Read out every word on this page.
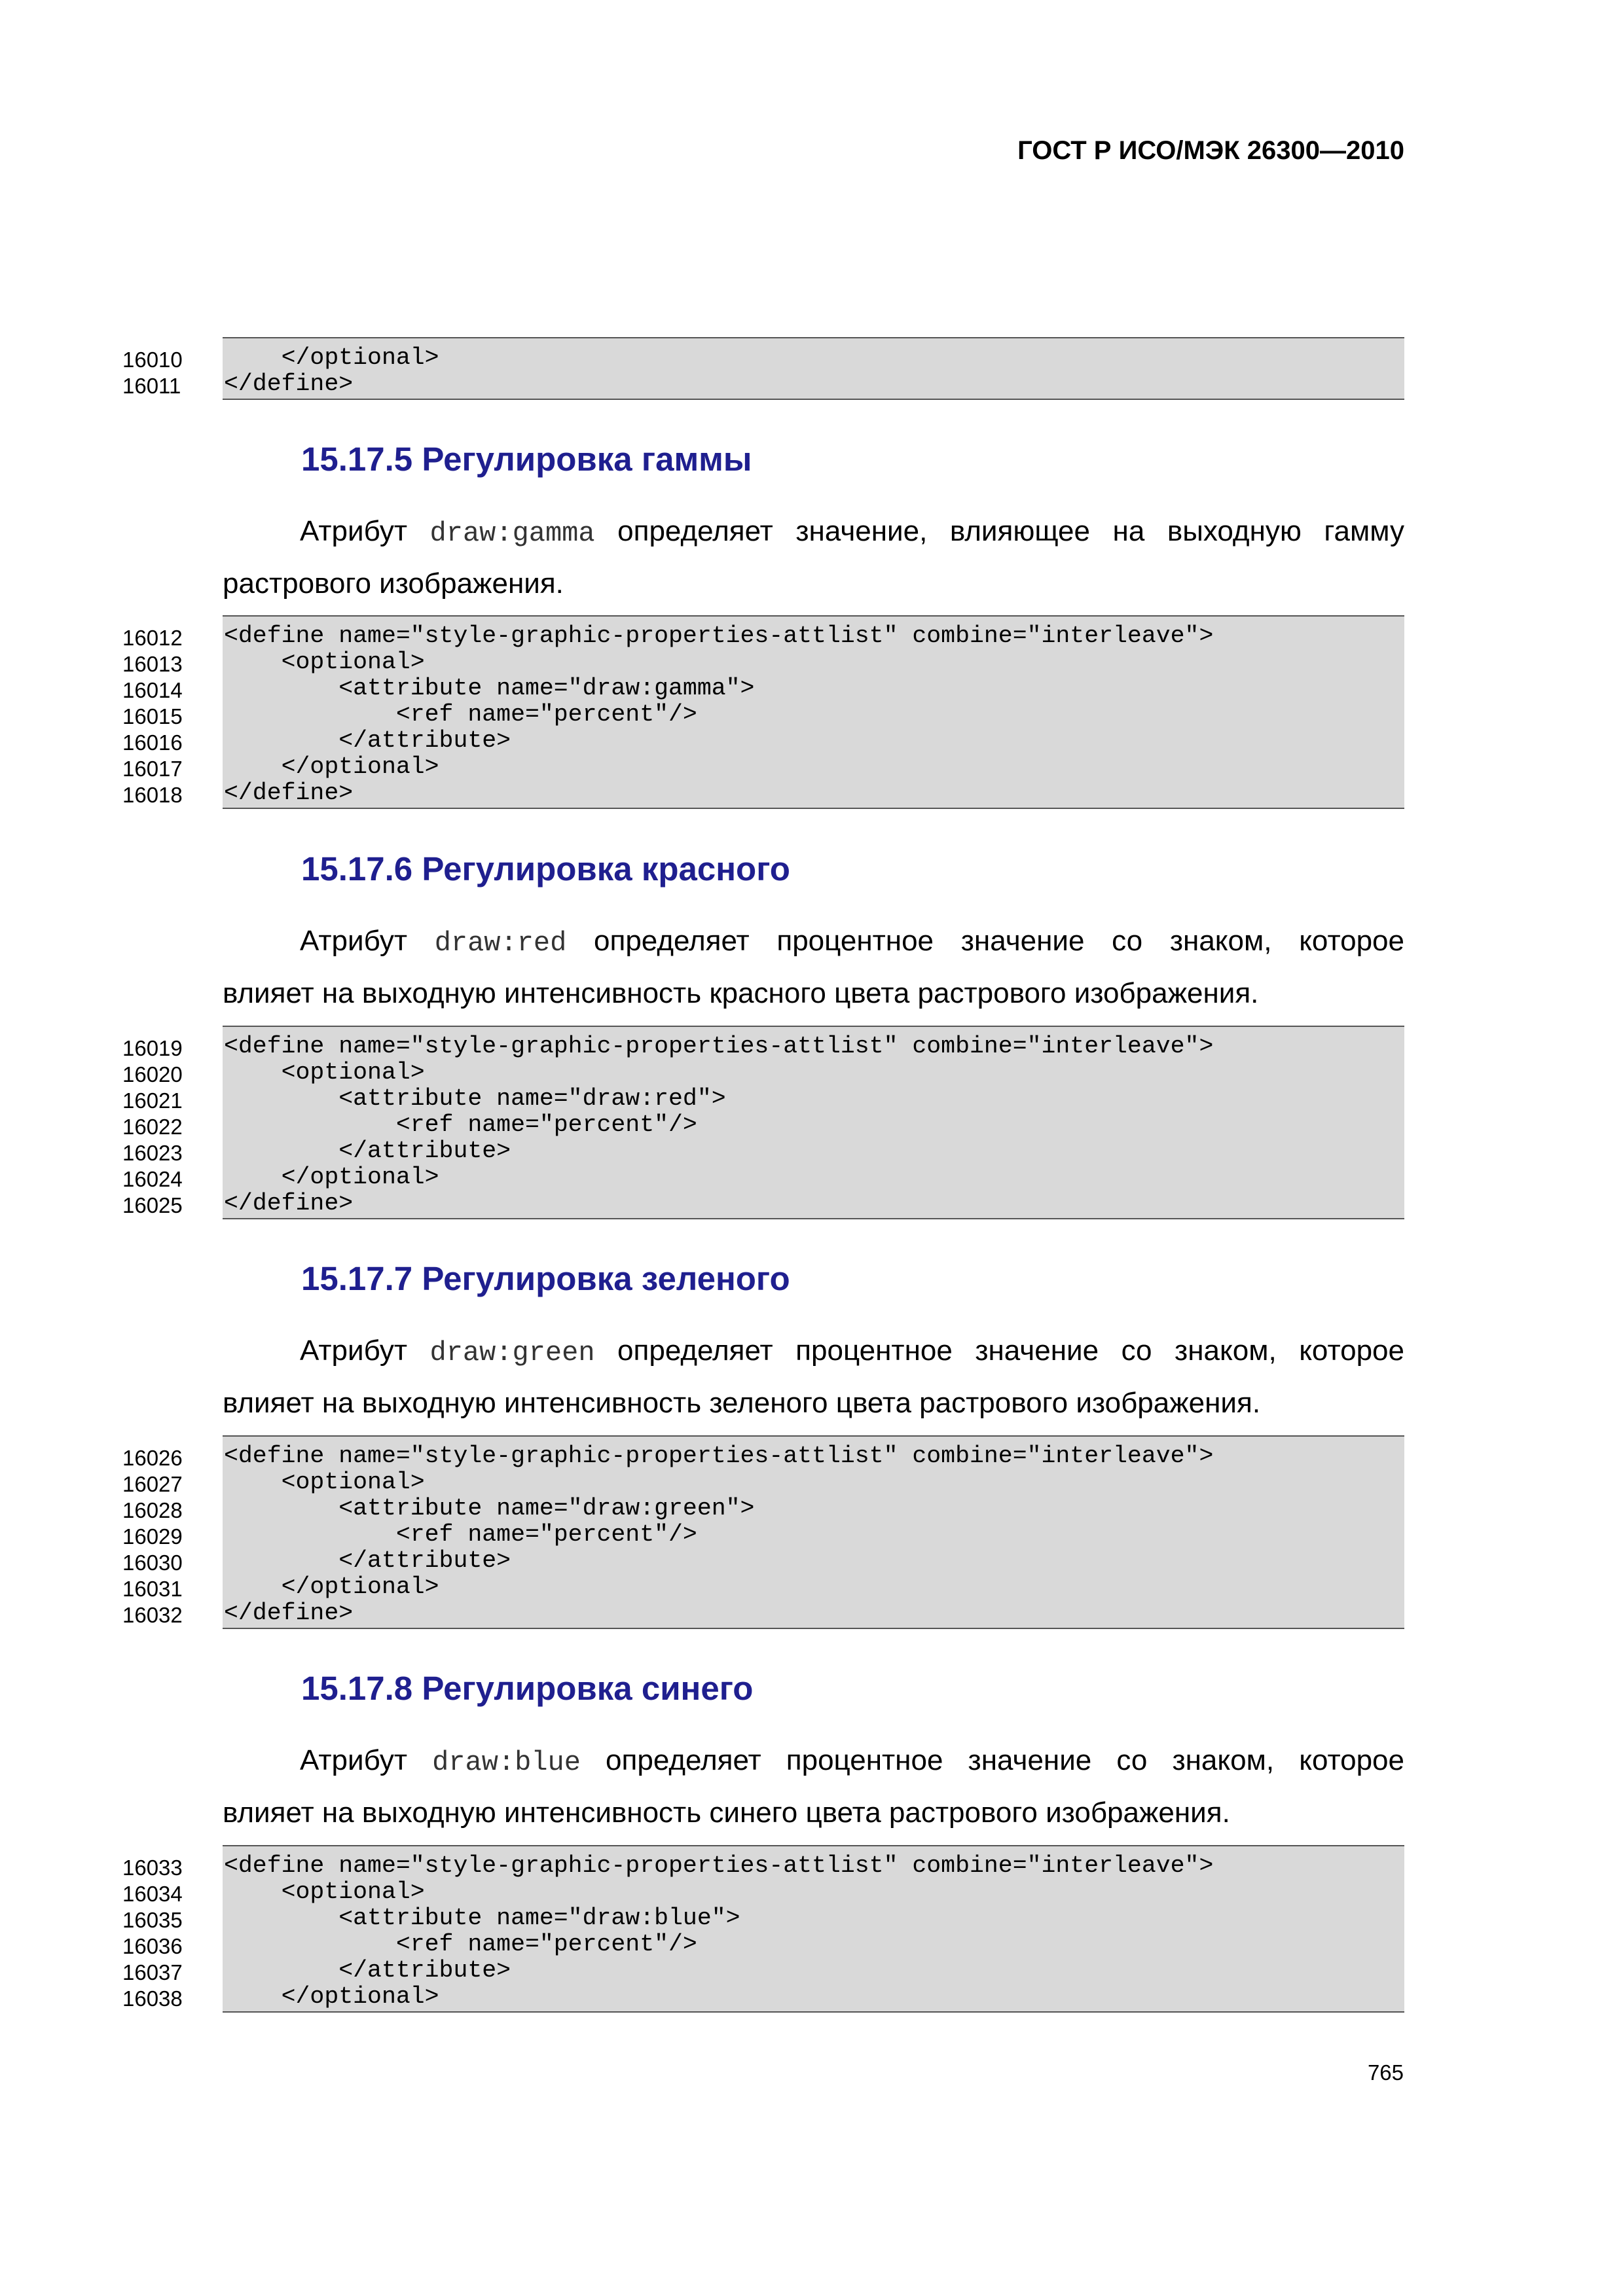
ГОСТ Р ИСО/МЭК 26300—2010
16010	</optional>
16011	</define>
15.17.5 Регулировка гаммы
Атрибут draw:gamma определяет значение, влияющее на выходную гамму
растрового изображения.
16012	<define name="style-graphic-properties-attlist" combine="interleave">
16013	<optional>
16014	<attribute name="draw:gamma">
16015	<ref name="percent"/>
16016	</attribute>
16017	</optional>
16018	</define>
15.17.6 Регулировка красного
Атрибут draw:red определяет процентное значение со знаком, которое
влияет на выходную интенсивность красного цвета растрового изображения.
16019	<define name="style-graphic-properties-attlist" combine="interleave">
16020	<optional>
16021	<attribute name="draw:red">
16022	<ref name="percent"/>
16023	</attribute>
16024	</optional>
16025	</define>
15.17.7 Регулировка зеленого
Атрибут draw:green определяет процентное значение со знаком, которое
влияет на выходную интенсивность зеленого цвета растрового изображения.
16026	<define name="style-graphic-properties-attlist" combine="interleave">
16027	<optional>
16028	<attribute name="draw:green">
16029	<ref name="percent"/>
16030	</attribute>
16031	</optional>
16032	</define>
15.17.8 Регулировка синего
Атрибут draw:blue определяет процентное значение со знаком, которое
влияет на выходную интенсивность синего цвета растрового изображения.
16033	<define name="style-graphic-properties-attlist" combine="interleave">
16034	<optional>
16035	<attribute name="draw:blue">
16036	<ref name="percent"/>
16037	</attribute>
16038	</optional>
765
